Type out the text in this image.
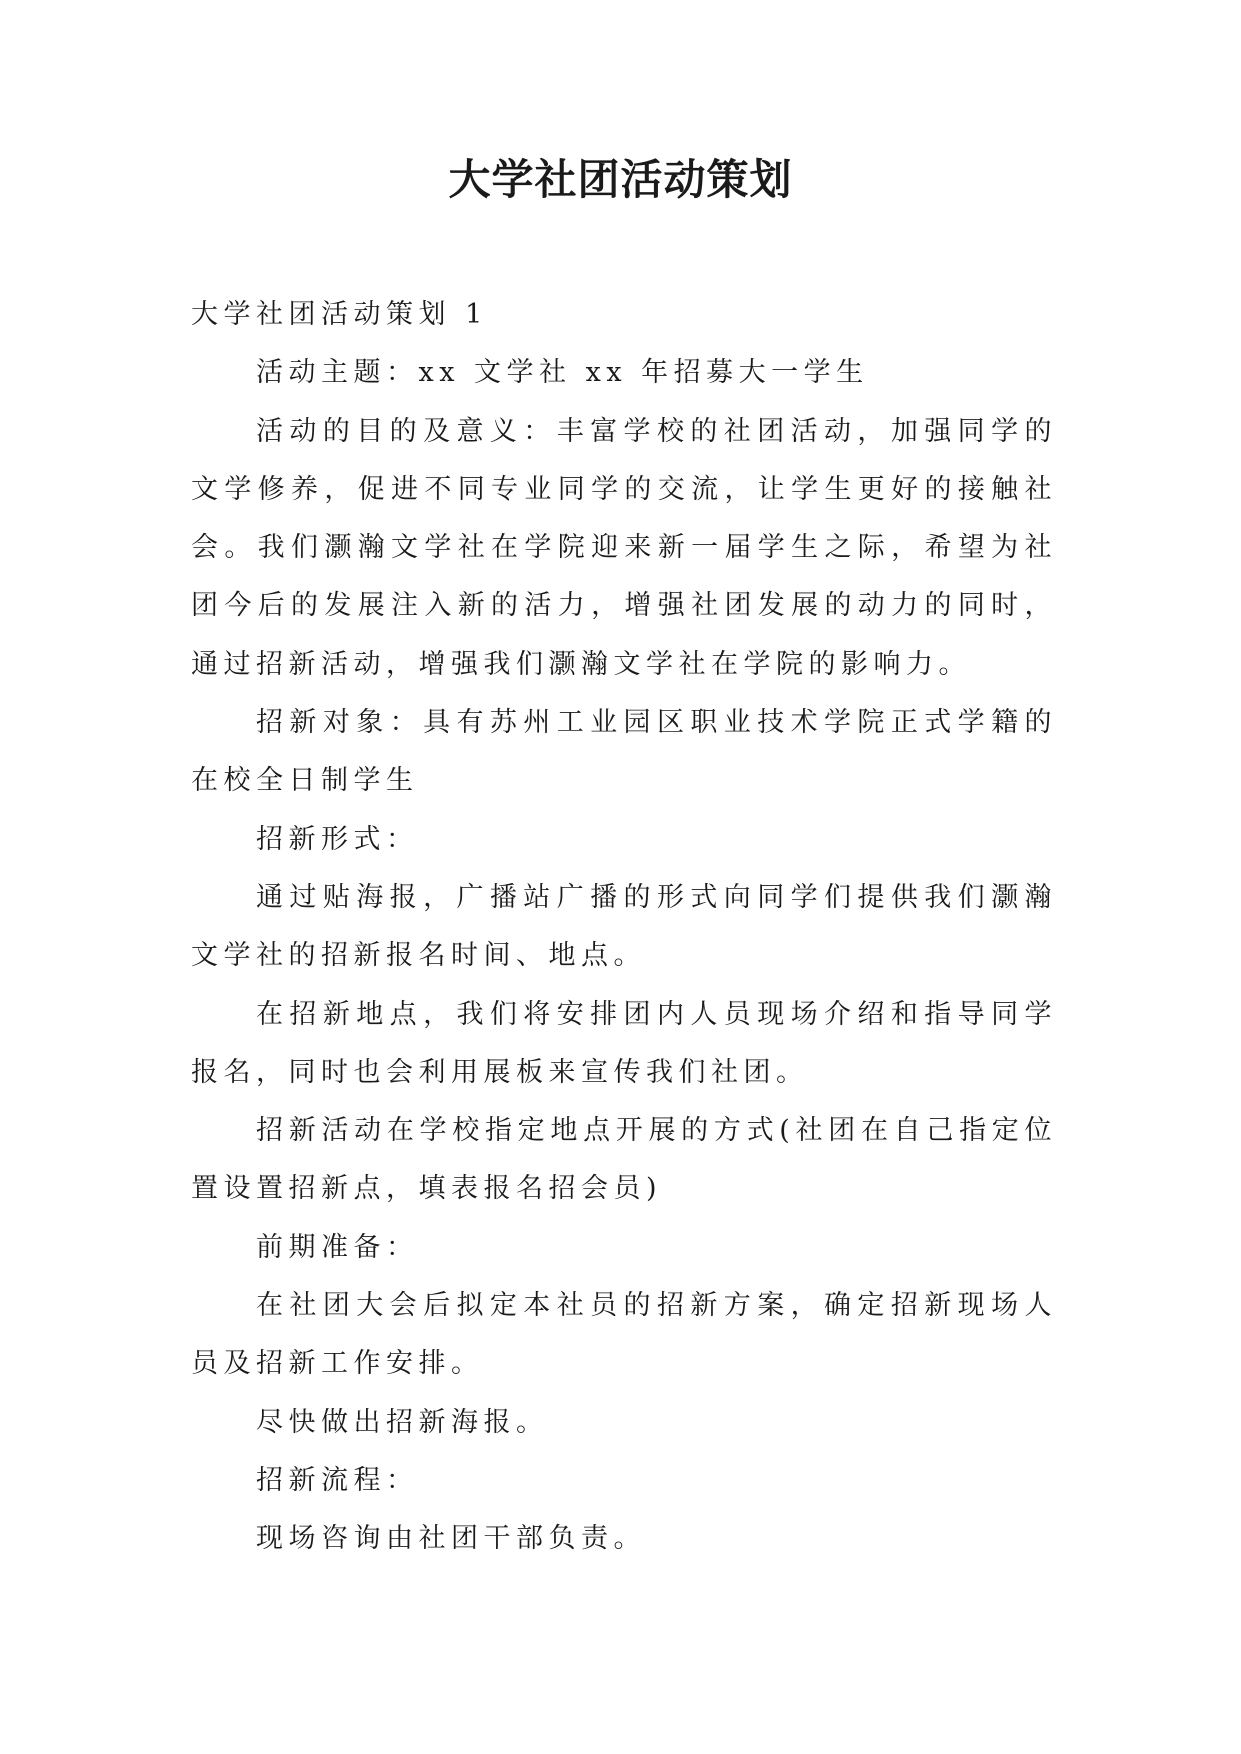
大学社团活动策划

大学社团活动策划 1

活动主题：xx 文学社 xx 年招募大一学生

活动的目的及意义：丰富学校的社团活动，加强同学的文学修养，促进不同专业同学的交流，让学生更好的接触社会。我们灏瀚文学社在学院迎来新一届学生之际，希望为社团今后的发展注入新的活力，增强社团发展的动力的同时，通过招新活动，增强我们灏瀚文学社在学院的影响力。

招新对象：具有苏州工业园区职业技术学院正式学籍的在校全日制学生

招新形式：

通过贴海报，广播站广播的形式向同学们提供我们灏瀚文学社的招新报名时间、地点。

在招新地点，我们将安排团内人员现场介绍和指导同学报名，同时也会利用展板来宣传我们社团。

招新活动在学校指定地点开展的方式(社团在自己指定位置设置招新点，填表报名招会员)

前期准备：

在社团大会后拟定本社员的招新方案，确定招新现场人员及招新工作安排。

尽快做出招新海报。

招新流程：

现场咨询由社团干部负责。
